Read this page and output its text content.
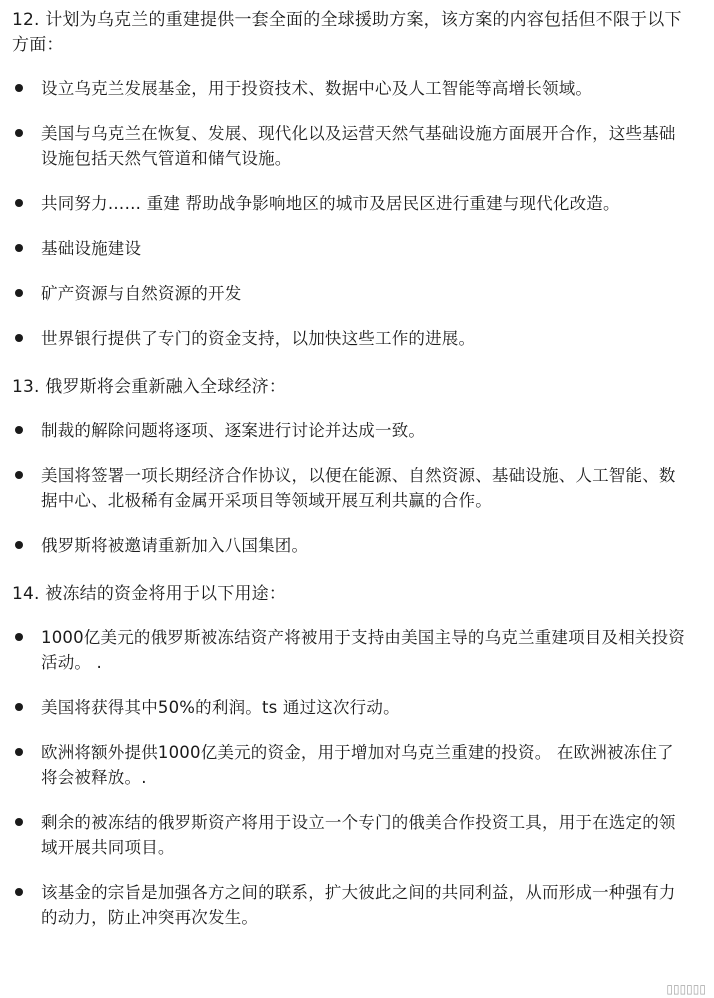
12. 计划为乌克兰的重建提供一套全面的全球援助方案，该方案的内容包括但不限于以下方面：

设立乌克兰发展基金，用于投资技术、数据中心及人工智能等高增长领域。
美国与乌克兰在恢复、发展、现代化以及运营天然气基础设施方面展开合作，这些基础设施包括天然气管道和储气设施。
共同努力…… 重建 帮助战争影响地区的城市及居民区进行重建与现代化改造。
基础设施建设
矿产资源与自然资源的开发
世界银行提供了专门的资金支持，以加快这些工作的进展。

13. 俄罗斯将会重新融入全球经济：

制裁的解除问题将逐项、逐案进行讨论并达成一致。
美国将签署一项长期经济合作协议，以便在能源、自然资源、基础设施、人工智能、数据中心、北极稀有金属开采项目等领域开展互利共赢的合作。
俄罗斯将被邀请重新加入八国集团。

14. 被冻结的资金将用于以下用途：

1000亿美元的俄罗斯被冻结资产将被用于支持由美国主导的乌克兰重建项目及相关投资活动。 .
美国将获得其中50%的利润。ts 通过这次行动。
欧洲将额外提供1000亿美元的资金，用于增加对乌克兰重建的投资。 在欧洲被冻住了 将会被释放。.
剩余的被冻结的俄罗斯资产将用于设立一个专门的俄美合作投资工具，用于在选定的领域开展共同项目。
该基金的宗旨是加强各方之间的联系，扩大彼此之间的共同利益，从而形成一种强有力的动力，防止冲突再次发生。
▯▯▯▯▯▯
